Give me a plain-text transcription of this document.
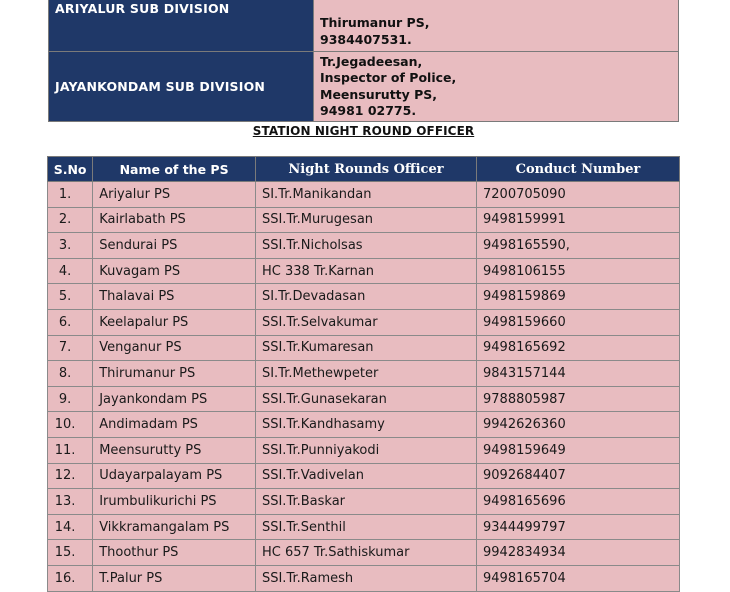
ARIYALUR SUB DIVISION	Thirumanur PS,
9384407531.

JAYANKONDAM SUB DIVISION	Tr.Jegadeesan,
Inspector of Police,
Meensurutty PS,
94981 02775.
STATION NIGHT ROUND OFFICER
S.No	Name of the PS	Night Rounds Officer	Conduct Number
1.	Ariyalur PS	SI.Tr.Manikandan	7200705090
2.	Kairlabath PS	SSI.Tr.Murugesan	9498159991
3.	Sendurai PS	SSI.Tr.Nicholsas	9498165590,
4.	Kuvagam PS	HC 338 Tr.Karnan	9498106155
5.	Thalavai PS	SI.Tr.Devadasan	9498159869
6.	Keelapalur PS	SSI.Tr.Selvakumar	9498159660
7.	Venganur PS	SSI.Tr.Kumaresan	9498165692
8.	Thirumanur PS	SI.Tr.Methewpeter	9843157144
9.	Jayankondam PS	SSI.Tr.Gunasekaran	9788805987
10.	Andimadam PS	SSI.Tr.Kandhasamy	9942626360
11.	Meensurutty PS	SSI.Tr.Punniyakodi	9498159649
12.	Udayarpalayam PS	SSI.Tr.Vadivelan	9092684407
13.	Irumbulikurichi PS	SSI.Tr.Baskar	9498165696
14.	Vikkramangalam PS	SSI.Tr.Senthil	9344499797
15.	Thoothur PS	HC 657 Tr.Sathiskumar	9942834934
16.	T.Palur PS	SSI.Tr.Ramesh	9498165704
